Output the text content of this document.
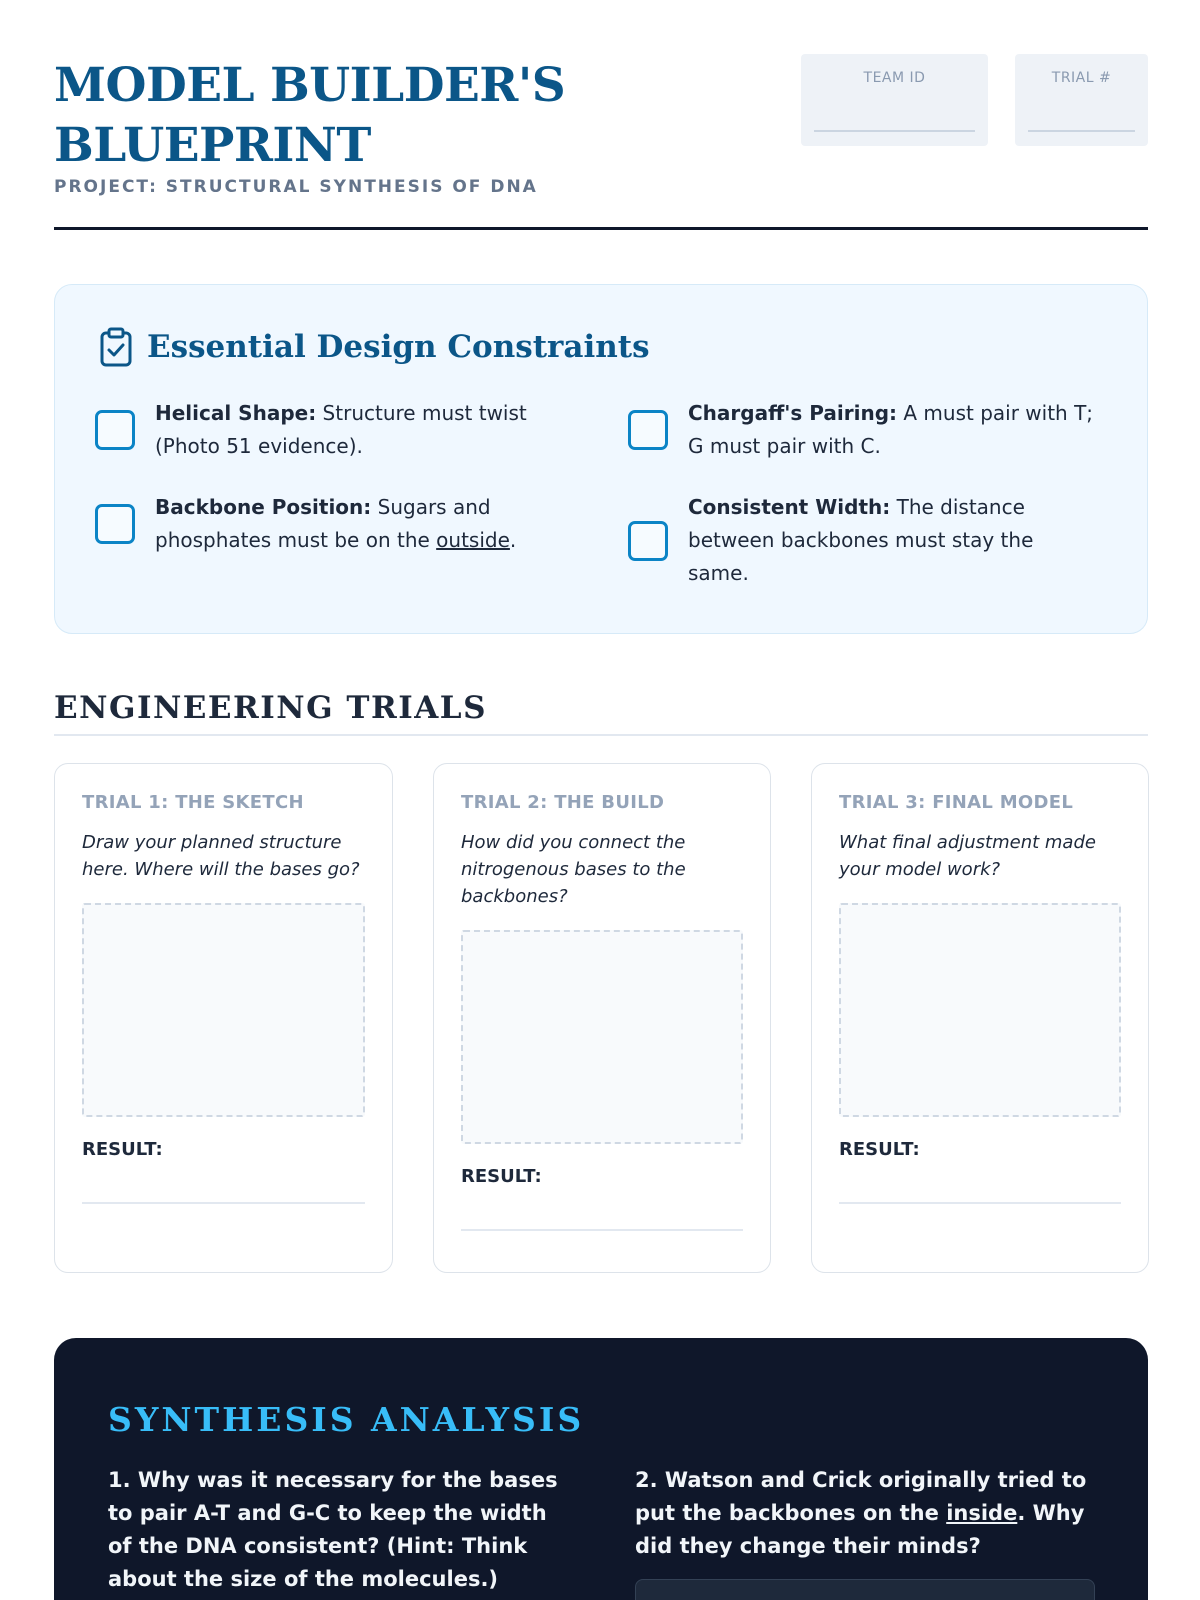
MODEL BUILDER'S BLUEPRINT
PROJECT: STRUCTURAL SYNTHESIS OF DNA
TEAM ID	TRIAL #
Essential Design Constraints
Helical Shape: Structure must twist (Photo 51 evidence).
Chargaff's Pairing: A must pair with T; G must pair with C.
Backbone Position: Sugars and phosphates must be on the outside.
Consistent Width: The distance between backbones must stay the same.
ENGINEERING TRIALS
TRIAL 1: THE SKETCH
Draw your planned structure here. Where will the bases go?
RESULT:
TRIAL 2: THE BUILD
How did you connect the nitrogenous bases to the backbones?
RESULT:
TRIAL 3: FINAL MODEL
What final adjustment made your model work?
RESULT:
SYNTHESIS ANALYSIS
1. Why was it necessary for the bases to pair A-T and G-C to keep the width of the DNA consistent? (Hint: Think about the size of the molecules.)
2. Watson and Crick originally tried to put the backbones on the inside. Why did they change their minds?
